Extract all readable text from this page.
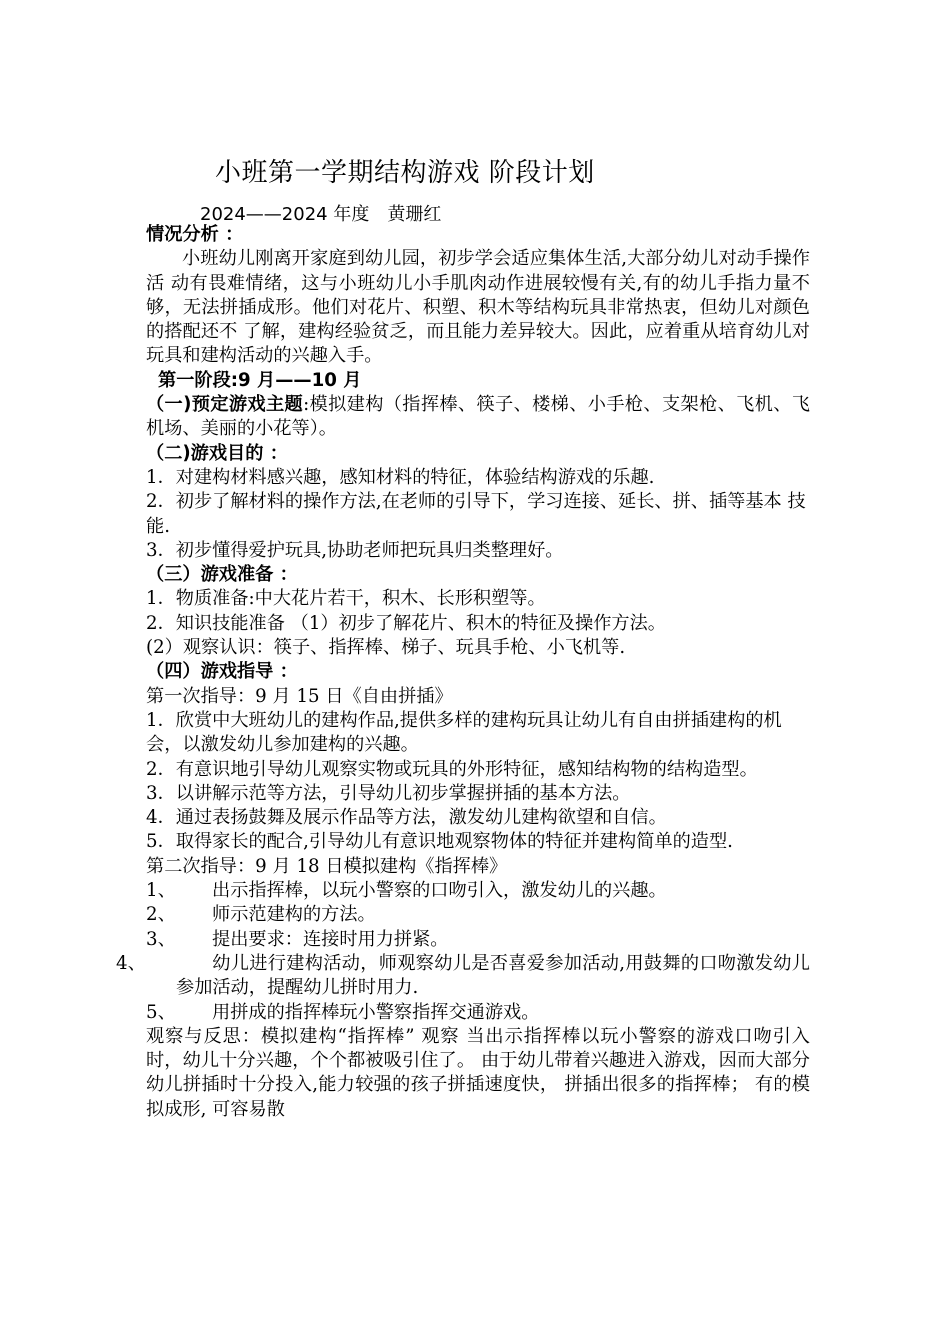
小班第一学期结构游戏 阶段计划
2024——2024 年度　黄珊红

情况分析 ：

小班幼儿刚离开家庭到幼儿园，初步学会适应集体生活,大部分幼儿对动手操作活 动有畏难情绪，这与小班幼儿小手肌肉动作进展较慢有关,有的幼儿手指力量不够，无法拼插成形。他们对花片、积塑、积木等结构玩具非常热衷，但幼儿对颜色的搭配还不 了解，建构经验贫乏，而且能力差异较大。因此，应着重从培育幼儿对玩具和建构活动的兴趣入手。

第一阶段:9 月——10 月

（一)预定游戏主题:模拟建构（指挥棒、筷子、楼梯、小手枪、支架枪、飞机、飞机场、美丽的小花等）。

（二)游戏目的 ：

1．对建构材料感兴趣，感知材料的特征，体验结构游戏的乐趣.

2．初步了解材料的操作方法,在老师的引导下，学习连接、延长、拼、插等基本 技能.

3．初步懂得爱护玩具,协助老师把玩具归类整理好。

（三）游戏准备 ：

1．物质准备:中大花片若干，积木、长形积塑等。

2．知识技能准备 （1）初步了解花片、积木的特征及操作方法。

(2）观察认识：筷子、指挥棒、梯子、玩具手枪、小飞机等.

（四）游戏指导 ：

第一次指导：9 月 15 日《自由拼插》

1．欣赏中大班幼儿的建构作品,提供多样的建构玩具让幼儿有自由拼插建构的机会，以激发幼儿参加建构的兴趣。

2．有意识地引导幼儿观察实物或玩具的外形特征，感知结构物的结构造型。

3．以讲解示范等方法，引导幼儿初步掌握拼插的基本方法。

4．通过表扬鼓舞及展示作品等方法，激发幼儿建构欲望和自信。

5．取得家长的配合,引导幼儿有意识地观察物体的特征并建构简单的造型.

第二次指导：9 月 18 日模拟建构《指挥棒》

1、 出示指挥棒，以玩小警察的口吻引入，激发幼儿的兴趣。

2、 师示范建构的方法。

3、 提出要求：连接时用力拼紧。

4、	幼儿进行建构活动，师观察幼儿是否喜爱参加活动,用鼓舞的口吻激发幼儿参加活动，提醒幼儿拼时用力.

5、 用拼成的指挥棒玩小警察指挥交通游戏。

观察与反思：模拟建构“指挥棒” 观察 当出示指挥棒以玩小警察的游戏口吻引入时，幼儿十分兴趣，个个都被吸引住了。 由于幼儿带着兴趣进入游戏，因而大部分幼儿拼插时十分投入,能力较强的孩子拼插速度快， 拼插出很多的指挥棒； 有的模拟成形, 可容易散
